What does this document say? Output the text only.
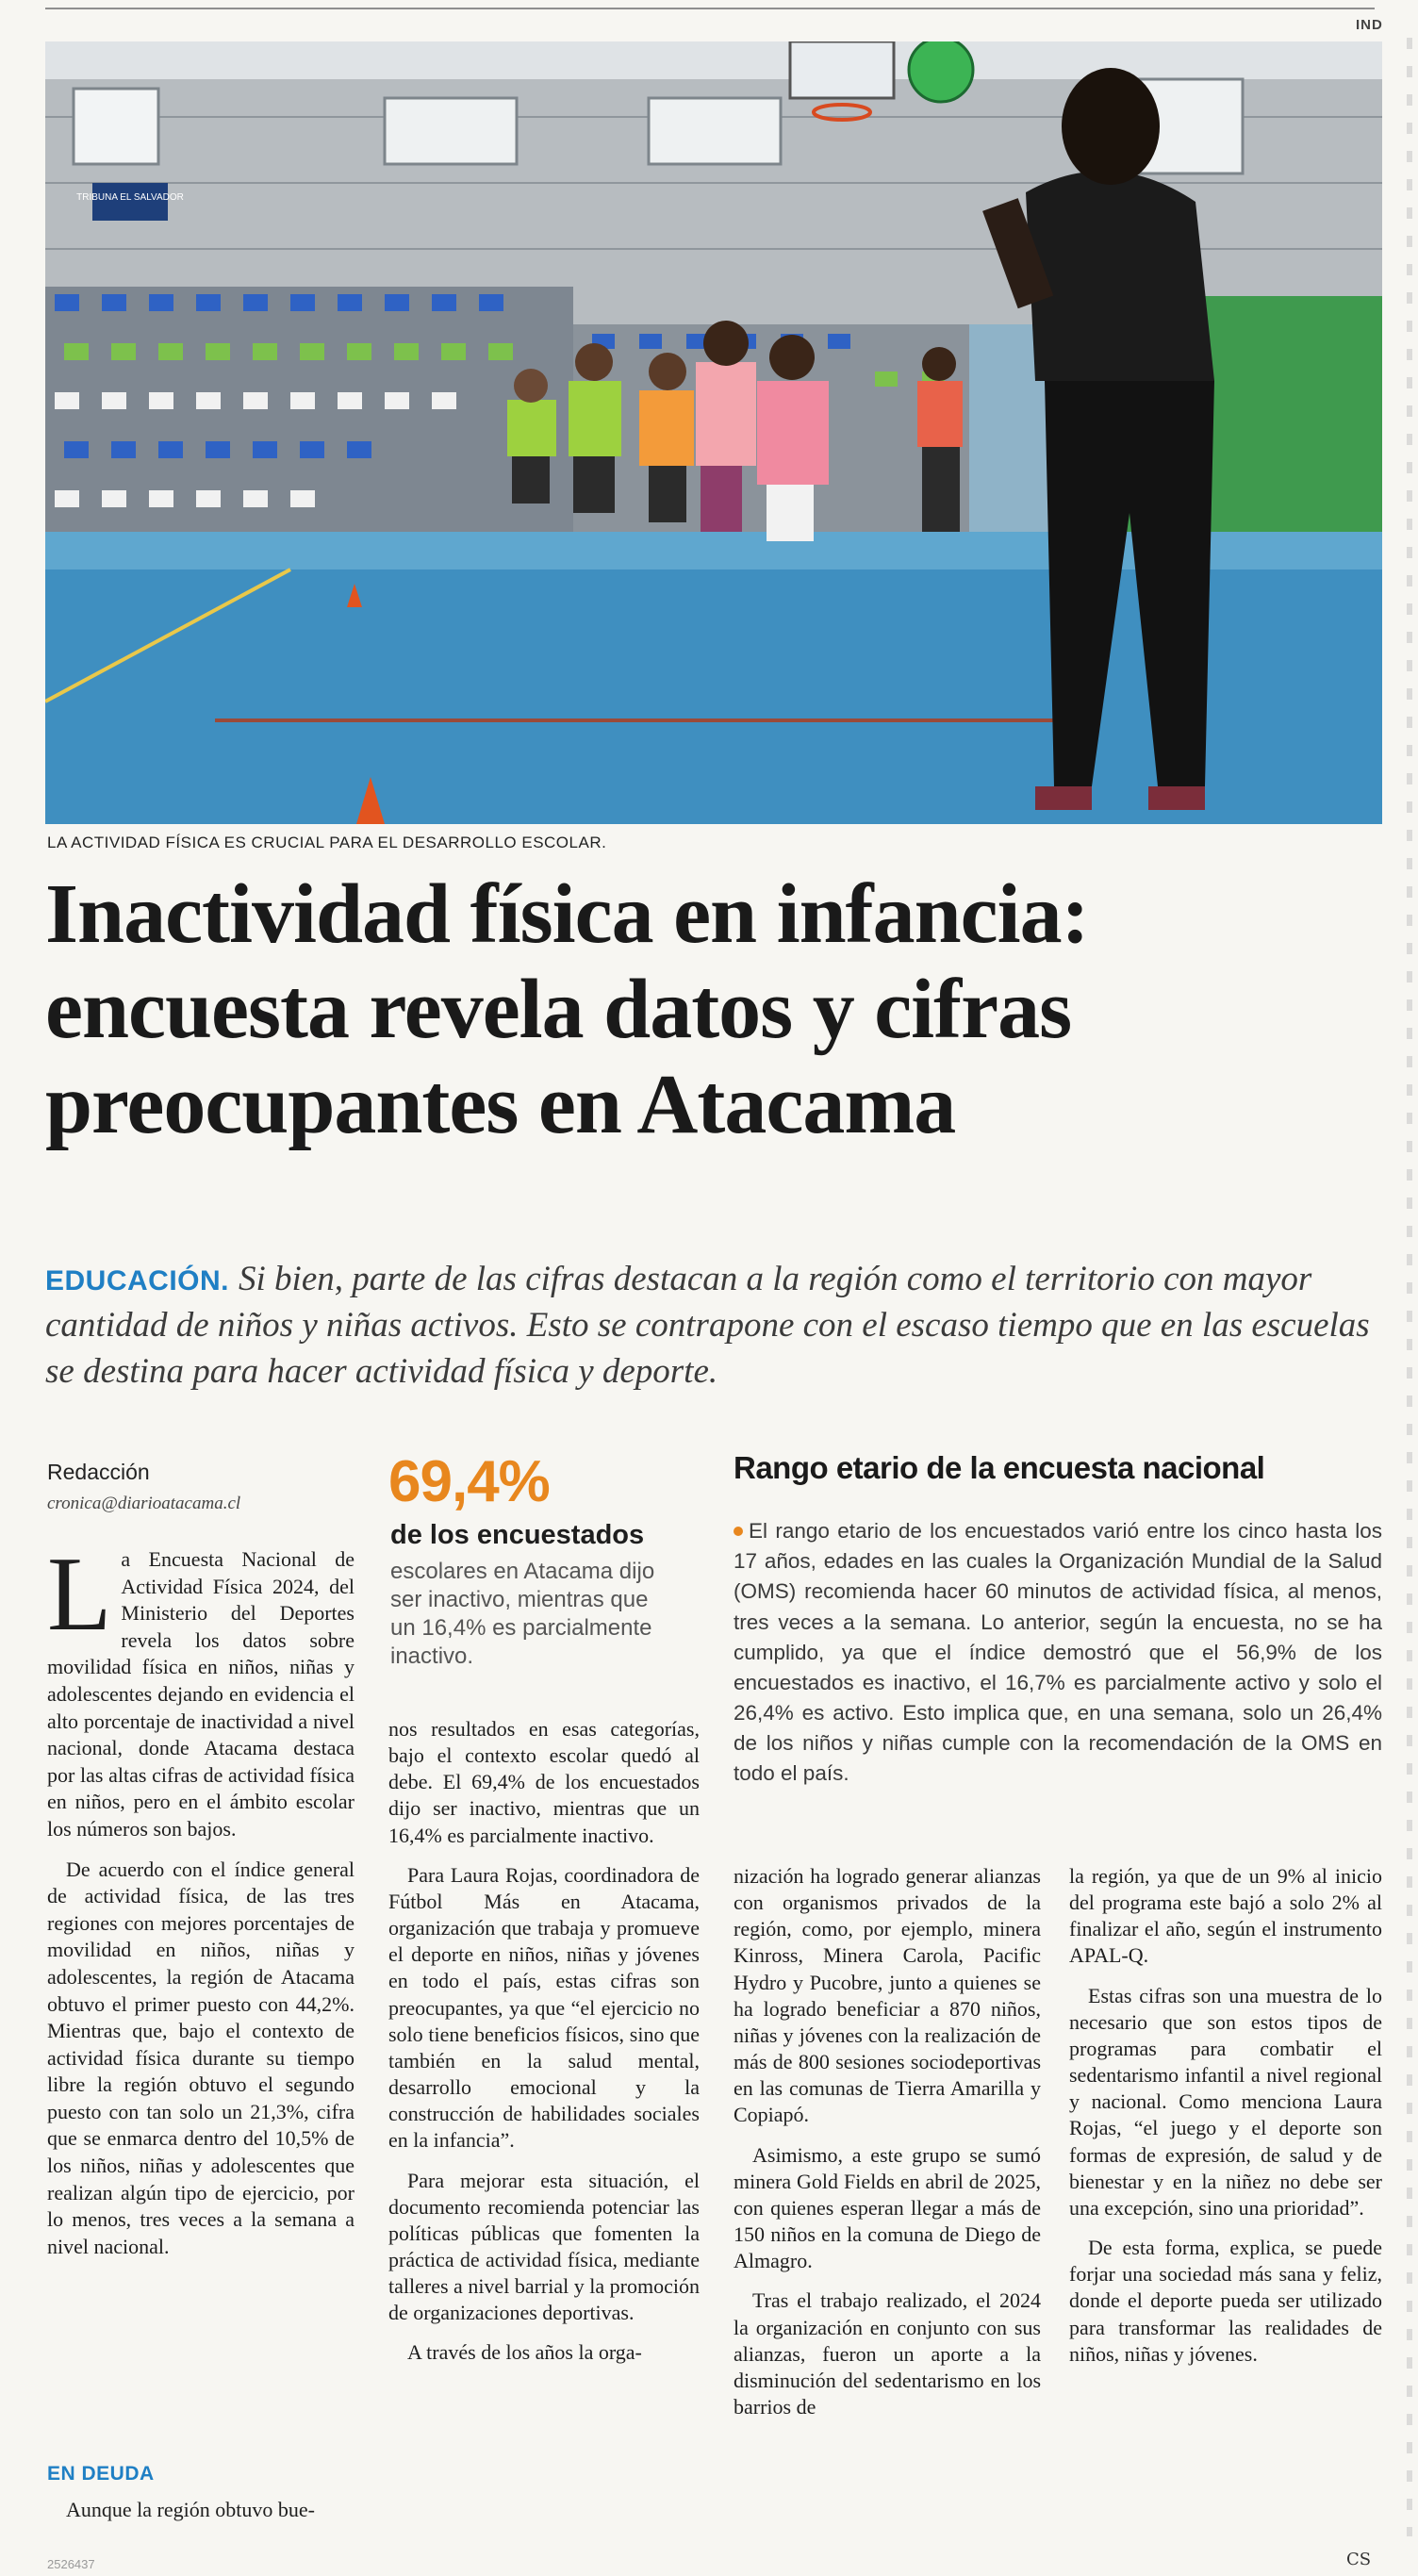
IND
TRIBUNA EL SALVADOR
LA ACTIVIDAD FÍSICA ES CRUCIAL PARA EL DESARROLLO ESCOLAR.
Inactividad física en infancia:
encuesta revela datos y cifras
preocupantes en Atacama
EDUCACIÓN. Si bien, parte de las cifras destacan a la región como el territorio con mayor cantidad de niños y niñas activos. Esto se contrapone con el escaso tiempo que en las escuelas se destina para hacer actividad física y deporte.
Redacción
cronica@diarioatacama.cl
L a Encuesta Nacional de Actividad Física 2024, del Ministerio del Deportes revela los datos sobre movilidad física en niños, niñas y adolescentes dejando en evidencia el alto porcentaje de inactividad a nivel nacional, donde Atacama destaca por las altas cifras de actividad física en niños, pero en el ámbito escolar los números son bajos.

De acuerdo con el índice general de actividad física, de las tres regiones con mejores porcentajes de movilidad en niños, niñas y adolescentes, la región de Atacama obtuvo el primer puesto con 44,2%. Mientras que, bajo el contexto de actividad física durante su tiempo libre la región obtuvo el segundo puesto con tan solo un 21,3%, cifra que se enmarca dentro del 10,5% de los niños, niñas y adolescentes que realizan algún tipo de ejercicio, por lo menos, tres veces a la semana a nivel nacional.

EN DEUDA
Aunque la región obtuvo bue-
69,4%
de los encuestados
escolares en Atacama dijo ser inactivo, mientras que un 16,4% es parcialmente inactivo.

nos resultados en esas categorías, bajo el contexto escolar quedó al debe. El 69,4% de los encuestados dijo ser inactivo, mientras que un 16,4% es parcialmente inactivo.

Para Laura Rojas, coordinadora de Fútbol Más en Atacama, organización que trabaja y promueve el deporte en niños, niñas y jóvenes en todo el país, estas cifras son preocupantes, ya que “el ejercicio no solo tiene beneficios físicos, sino que también en la salud mental, desarrollo emocional y la construcción de habilidades sociales en la infancia”.

Para mejorar esta situación, el documento recomienda potenciar las políticas públicas que fomenten la práctica de actividad física, mediante talleres a nivel barrial y la promoción de organizaciones deportivas.

A través de los años la orga-

Rango etario de la encuesta nacional
El rango etario de los encuestados varió entre los cinco hasta los 17 años, edades en las cuales la Organización Mundial de la Salud (OMS) recomienda hacer 60 minutos de actividad física, al menos, tres veces a la semana. Lo anterior, según la encuesta, no se ha cumplido, ya que el índice demostró que el 56,9% de los encuestados es inactivo, el 16,7% es parcialmente activo y solo el 26,4% es activo. Esto implica que, en una semana, solo un 26,4% de los niños y niñas cumple con la recomendación de la OMS en todo el país.

nización ha logrado generar alianzas con organismos privados de la región, como, por ejemplo, minera Kinross, Minera Carola, Pacific Hydro y Pucobre, junto a quienes se ha logrado beneficiar a 870 niños, niñas y jóvenes con la realización de más de 800 sesiones sociodeportivas en las comunas de Tierra Amarilla y Copiapó.

Asimismo, a este grupo se sumó minera Gold Fields en abril de 2025, con quienes esperan llegar a más de 150 niños en la comuna de Diego de Almagro.

Tras el trabajo realizado, el 2024 la organización en conjunto con sus alianzas, fueron un aporte a la disminución del sedentarismo en los barrios de

la región, ya que de un 9% al inicio del programa este bajó a solo 2% al finalizar el año, según el instrumento APAL-Q.

Estas cifras son una muestra de lo necesario que son estos tipos de programas para combatir el sedentarismo infantil a nivel regional y nacional. Como menciona Laura Rojas, “el juego y el deporte son formas de expresión, de salud y de bienestar y en la niñez no debe ser una excepción, sino una prioridad”.

De esta forma, explica, se puede forjar una sociedad más sana y feliz, donde el deporte pueda ser utilizado para transformar las realidades de niños, niñas y jóvenes.

CS
2526437
